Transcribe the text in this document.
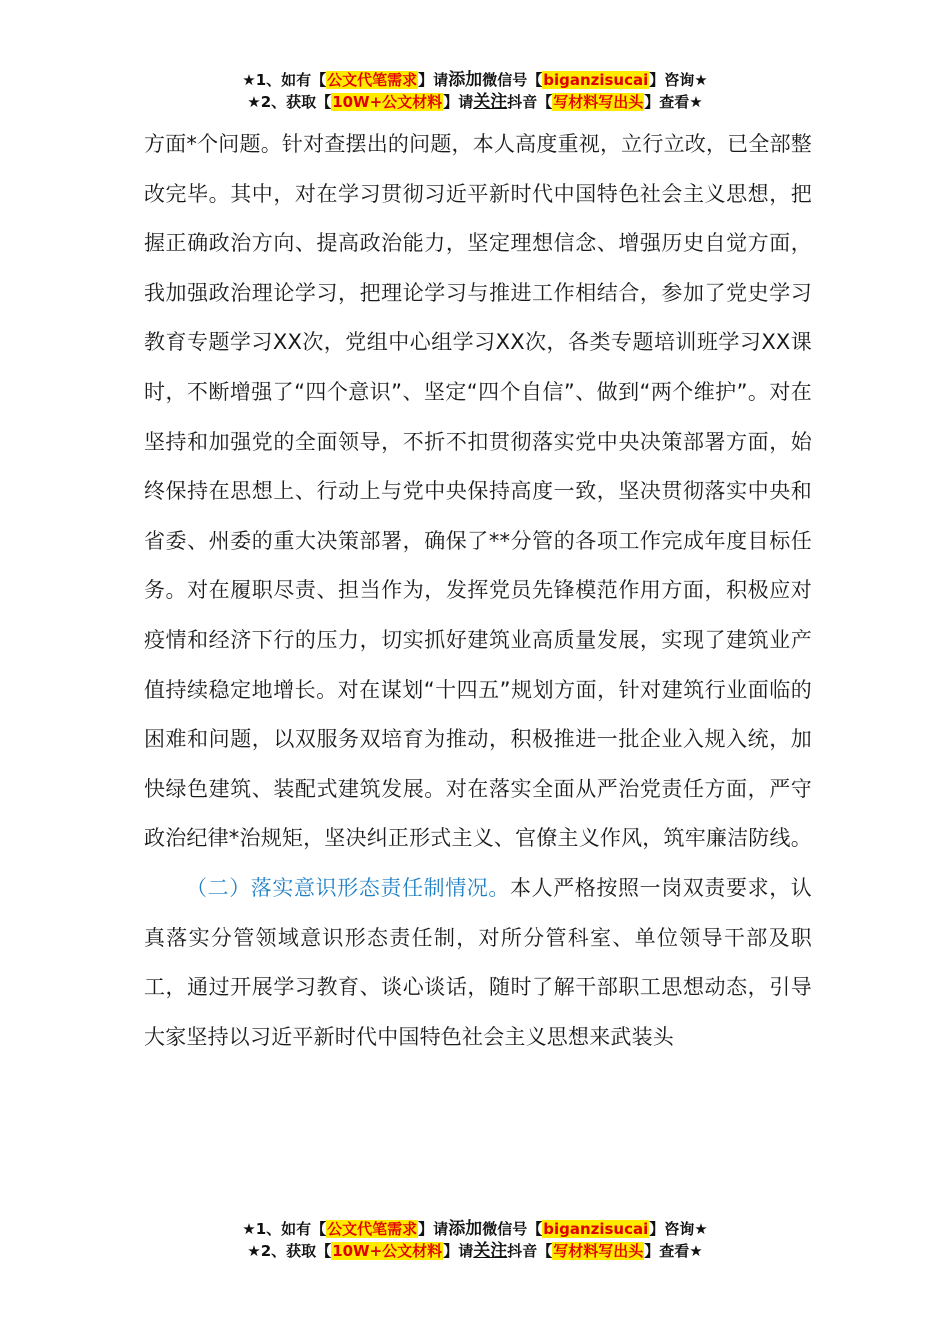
★1、如有【公文代笔需求】请添加微信号【biganzisucai】咨询★
★2、获取【10W+公文材料】请关注抖音【写材料写出头】查看★

方面*个问题。针对查摆出的问题，本人高度重视，立行立改，已全部整改完毕。其中，对在学习贯彻习近平新时代中国特色社会主义思想，把握正确政治方向、提高政治能力，坚定理想信念、增强历史自觉方面，我加强政治理论学习，把理论学习与推进工作相结合，参加了党史学习教育专题学习XX次，党组中心组学习XX次，各类专题培训班学习XX课时，不断增强了“四个意识”、坚定“四个自信”、做到“两个维护”。对在坚持和加强党的全面领导，不折不扣贯彻落实党中央决策部署方面，始终保持在思想上、行动上与党中央保持高度一致，坚决贯彻落实中央和省委、州委的重大决策部署，确保了**分管的各项工作完成年度目标任务。对在履职尽责、担当作为，发挥党员先锋模范作用方面，积极应对疫情和经济下行的压力，切实抓好建筑业高质量发展，实现了建筑业产值持续稳定地增长。对在谋划“十四五”规划方面，针对建筑行业面临的困难和问题，以双服务双培育为推动，积极推进一批企业入规入统，加快绿色建筑、装配式建筑发展。对在落实全面从严治党责任方面，严守政治纪律*治规矩，坚决纠正形式主义、官僚主义作风，筑牢廉洁防线。

（二）落实意识形态责任制情况。本人严格按照一岗双责要求，认真落实分管领域意识形态责任制，对所分管科室、单位领导干部及职工，通过开展学习教育、谈心谈话，随时了解干部职工思想动态，引导大家坚持以习近平新时代中国特色社会主义思想来武装头

★1、如有【公文代笔需求】请添加微信号【biganzisucai】咨询★
★2、获取【10W+公文材料】请关注抖音【写材料写出头】查看★
